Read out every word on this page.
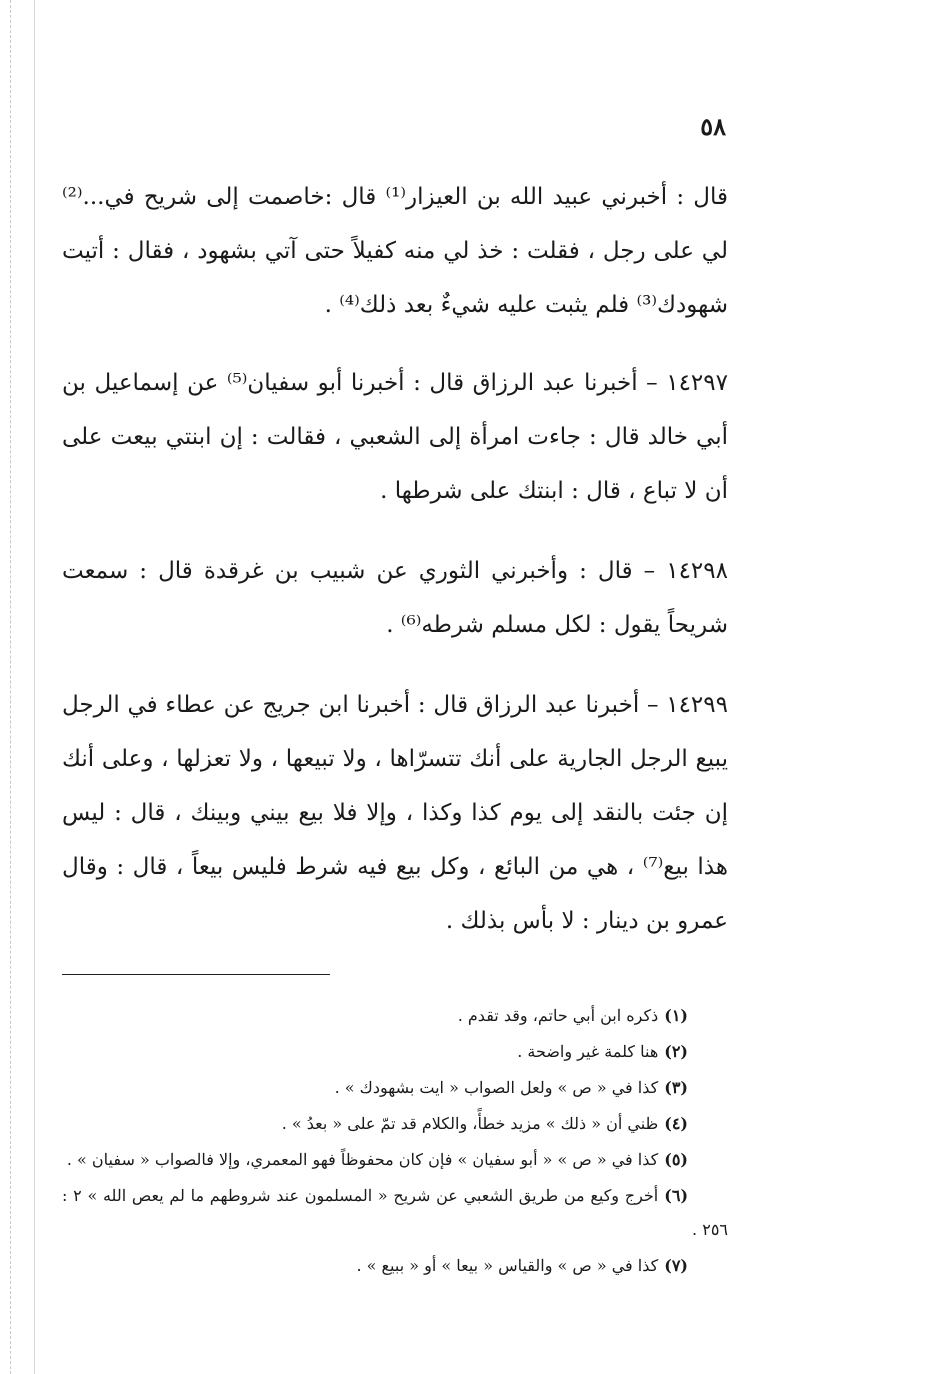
٥٨

قال : أخبرني عبيد الله بن العيزار⁽¹⁾ قال :خاصمت إلى شريح في...⁽²⁾ لي على رجل ، فقلت : خذ لي منه كفيلاً حتى آتي بشهود ، فقال : أتيت شهودك⁽³⁾ فلم يثبت عليه شيءٌ بعد ذلك⁽⁴⁾ .

١٤٢٩٧ – أخبرنا عبد الرزاق قال : أخبرنا أبو سفيان⁽⁵⁾ عن إسماعيل بن أبي خالد قال : جاءت امرأة إلى الشعبي ، فقالت : إن ابنتي بيعت على أن لا تباع ، قال : ابنتك على شرطها .

١٤٢٩٨ – قال : وأخبرني الثوري عن شبيب بن غرقدة قال : سمعت شريحاً يقول : لكل مسلم شرطه⁽⁶⁾ .

١٤٢٩٩ – أخبرنا عبد الرزاق قال : أخبرنا ابن جريج عن عطاء في الرجل يبيع الرجل الجارية على أنك تتسرّاها ، ولا تبيعها ، ولا تعزلها ، وعلى أنك إن جئت بالنقد إلى يوم كذا وكذا ، وإلا فلا بيع بيني وبينك ، قال : ليس هذا بيع⁽⁷⁾ ، هي من البائع ، وكل بيع فيه شرط فليس بيعاً ، قال : وقال عمرو بن دينار : لا بأس بذلك .

(١)ذكره ابن أبي حاتم، وقد تقدم .
(٢)هنا كلمة غير واضحة .
(٣)كذا في « ص » ولعل الصواب « ايت بشهودك » .
(٤)ظني أن « ذلك » مزيد خطأً، والكلام قد تمّ على « بعدُ » .
(٥)كذا في « ص » « أبو سفيان » فإن كان محفوظاً فهو المعمري، وإلا فالصواب « سفيان » .
(٦)أخرج وكيع من طريق الشعبي عن شريح « المسلمون عند شروطهم ما لم يعص الله » ٢ : ٢٥٦ .
(٧)كذا في « ص » والقياس « بيعا » أو « ببيع » .
